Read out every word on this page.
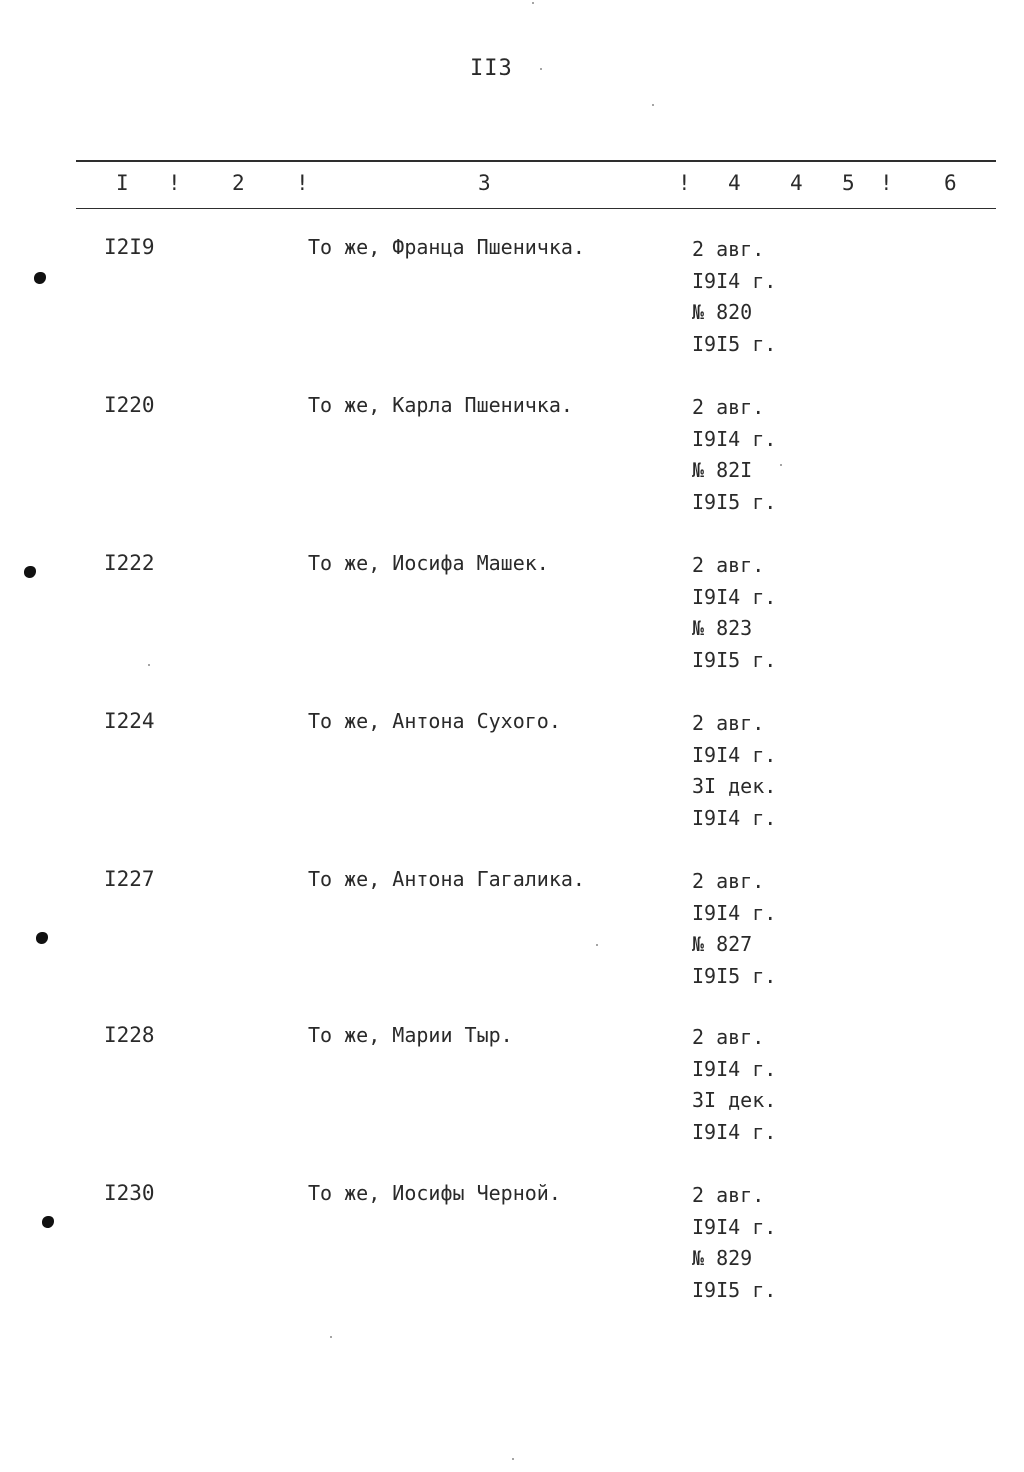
II3
I ! 2 !	3	! 4 4 5 ! 6
I2I9	То же, Франца Пшеничка.	2 авг.
I9I4 г.
№ 820
I9I5 г.
I220	То же, Карла Пшеничка.	2 авг.
I9I4 г.
№ 82I
I9I5 г.
I222	То же, Иосифа Машек.	2 авг.
I9I4 г.
№ 823
I9I5 г.
I224	То же, Антона Сухого.	2 авг.
I9I4 г.
3I дек.
I9I4 г.
I227	То же, Антона Гагалика.	2 авг.
I9I4 г.
№ 827
I9I5 г.
I228	То же, Марии Тыр.	2 авг.
I9I4 г.
3I дек.
I9I4 г.
I230	То же, Иосифы Черной.	2 авг.
I9I4 г.
№ 829
I9I5 г.
